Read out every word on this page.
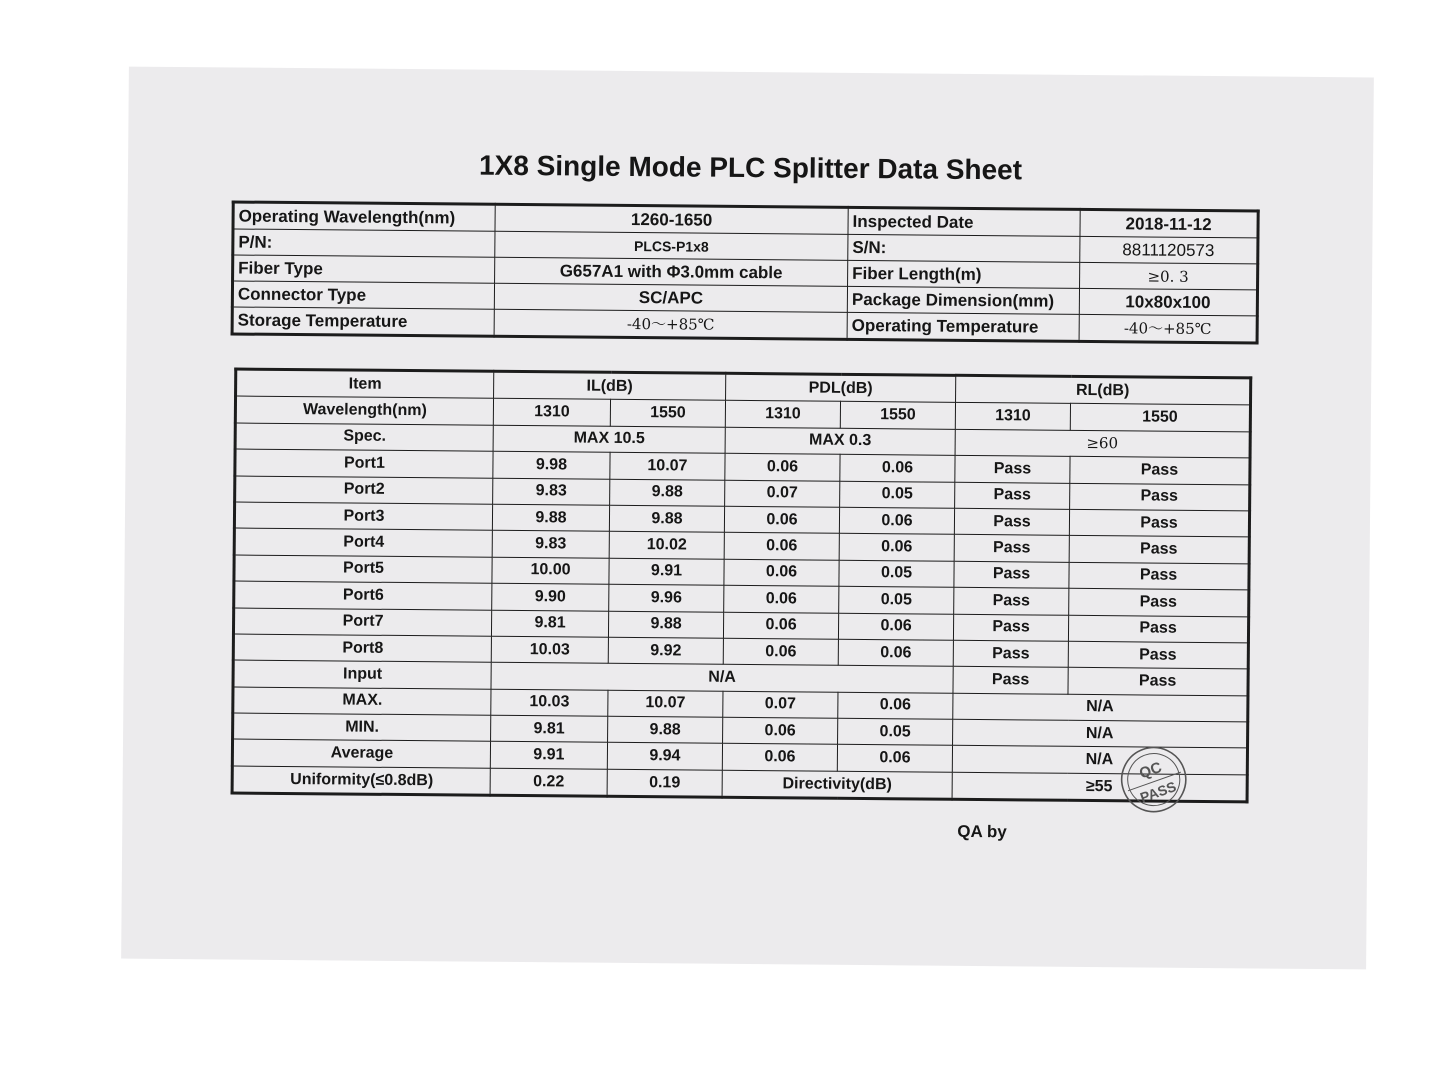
1X8 Single Mode PLC Splitter Data Sheet
Operating Wavelength(nm)	1260-1650	Inspected Date	2018-11-12
P/N:	PLCS-P1x8	S/N:	8811120573
Fiber Type	G657A1 with Φ3.0mm cable	Fiber Length(m)	≥0. 3
Connector Type	SC/APC	Package Dimension(mm)	10x80x100
Storage Temperature	-40～+85℃	Operating Temperature	-40～+85℃
Item	IL(dB)		PDL(dB)		RL(dB)	
Wavelength(nm)	1310	1550	1310	1550	1310	1550
Spec.	MAX 10.5		MAX 0.3		≥60	
Port1	9.98	10.07	0.06	0.06	Pass	Pass
Port2	9.83	9.88	0.07	0.05	Pass	Pass
Port3	9.88	9.88	0.06	0.06	Pass	Pass
Port4	9.83	10.02	0.06	0.06	Pass	Pass
Port5	10.00	9.91	0.06	0.05	Pass	Pass
Port6	9.90	9.96	0.06	0.05	Pass	Pass
Port7	9.81	9.88	0.06	0.06	Pass	Pass
Port8	10.03	9.92	0.06	0.06	Pass	Pass
Input	N/A				Pass	Pass
MAX.	10.03	10.07	0.07	0.06	N/A	
MIN.	9.81	9.88	0.06	0.05	N/A	
Average	9.91	9.94	0.06	0.06	N/A	
Uniformity(≤0.8dB)	0.22	0.19	Directivity(dB)		≥55	
QA by
QC
PASS
